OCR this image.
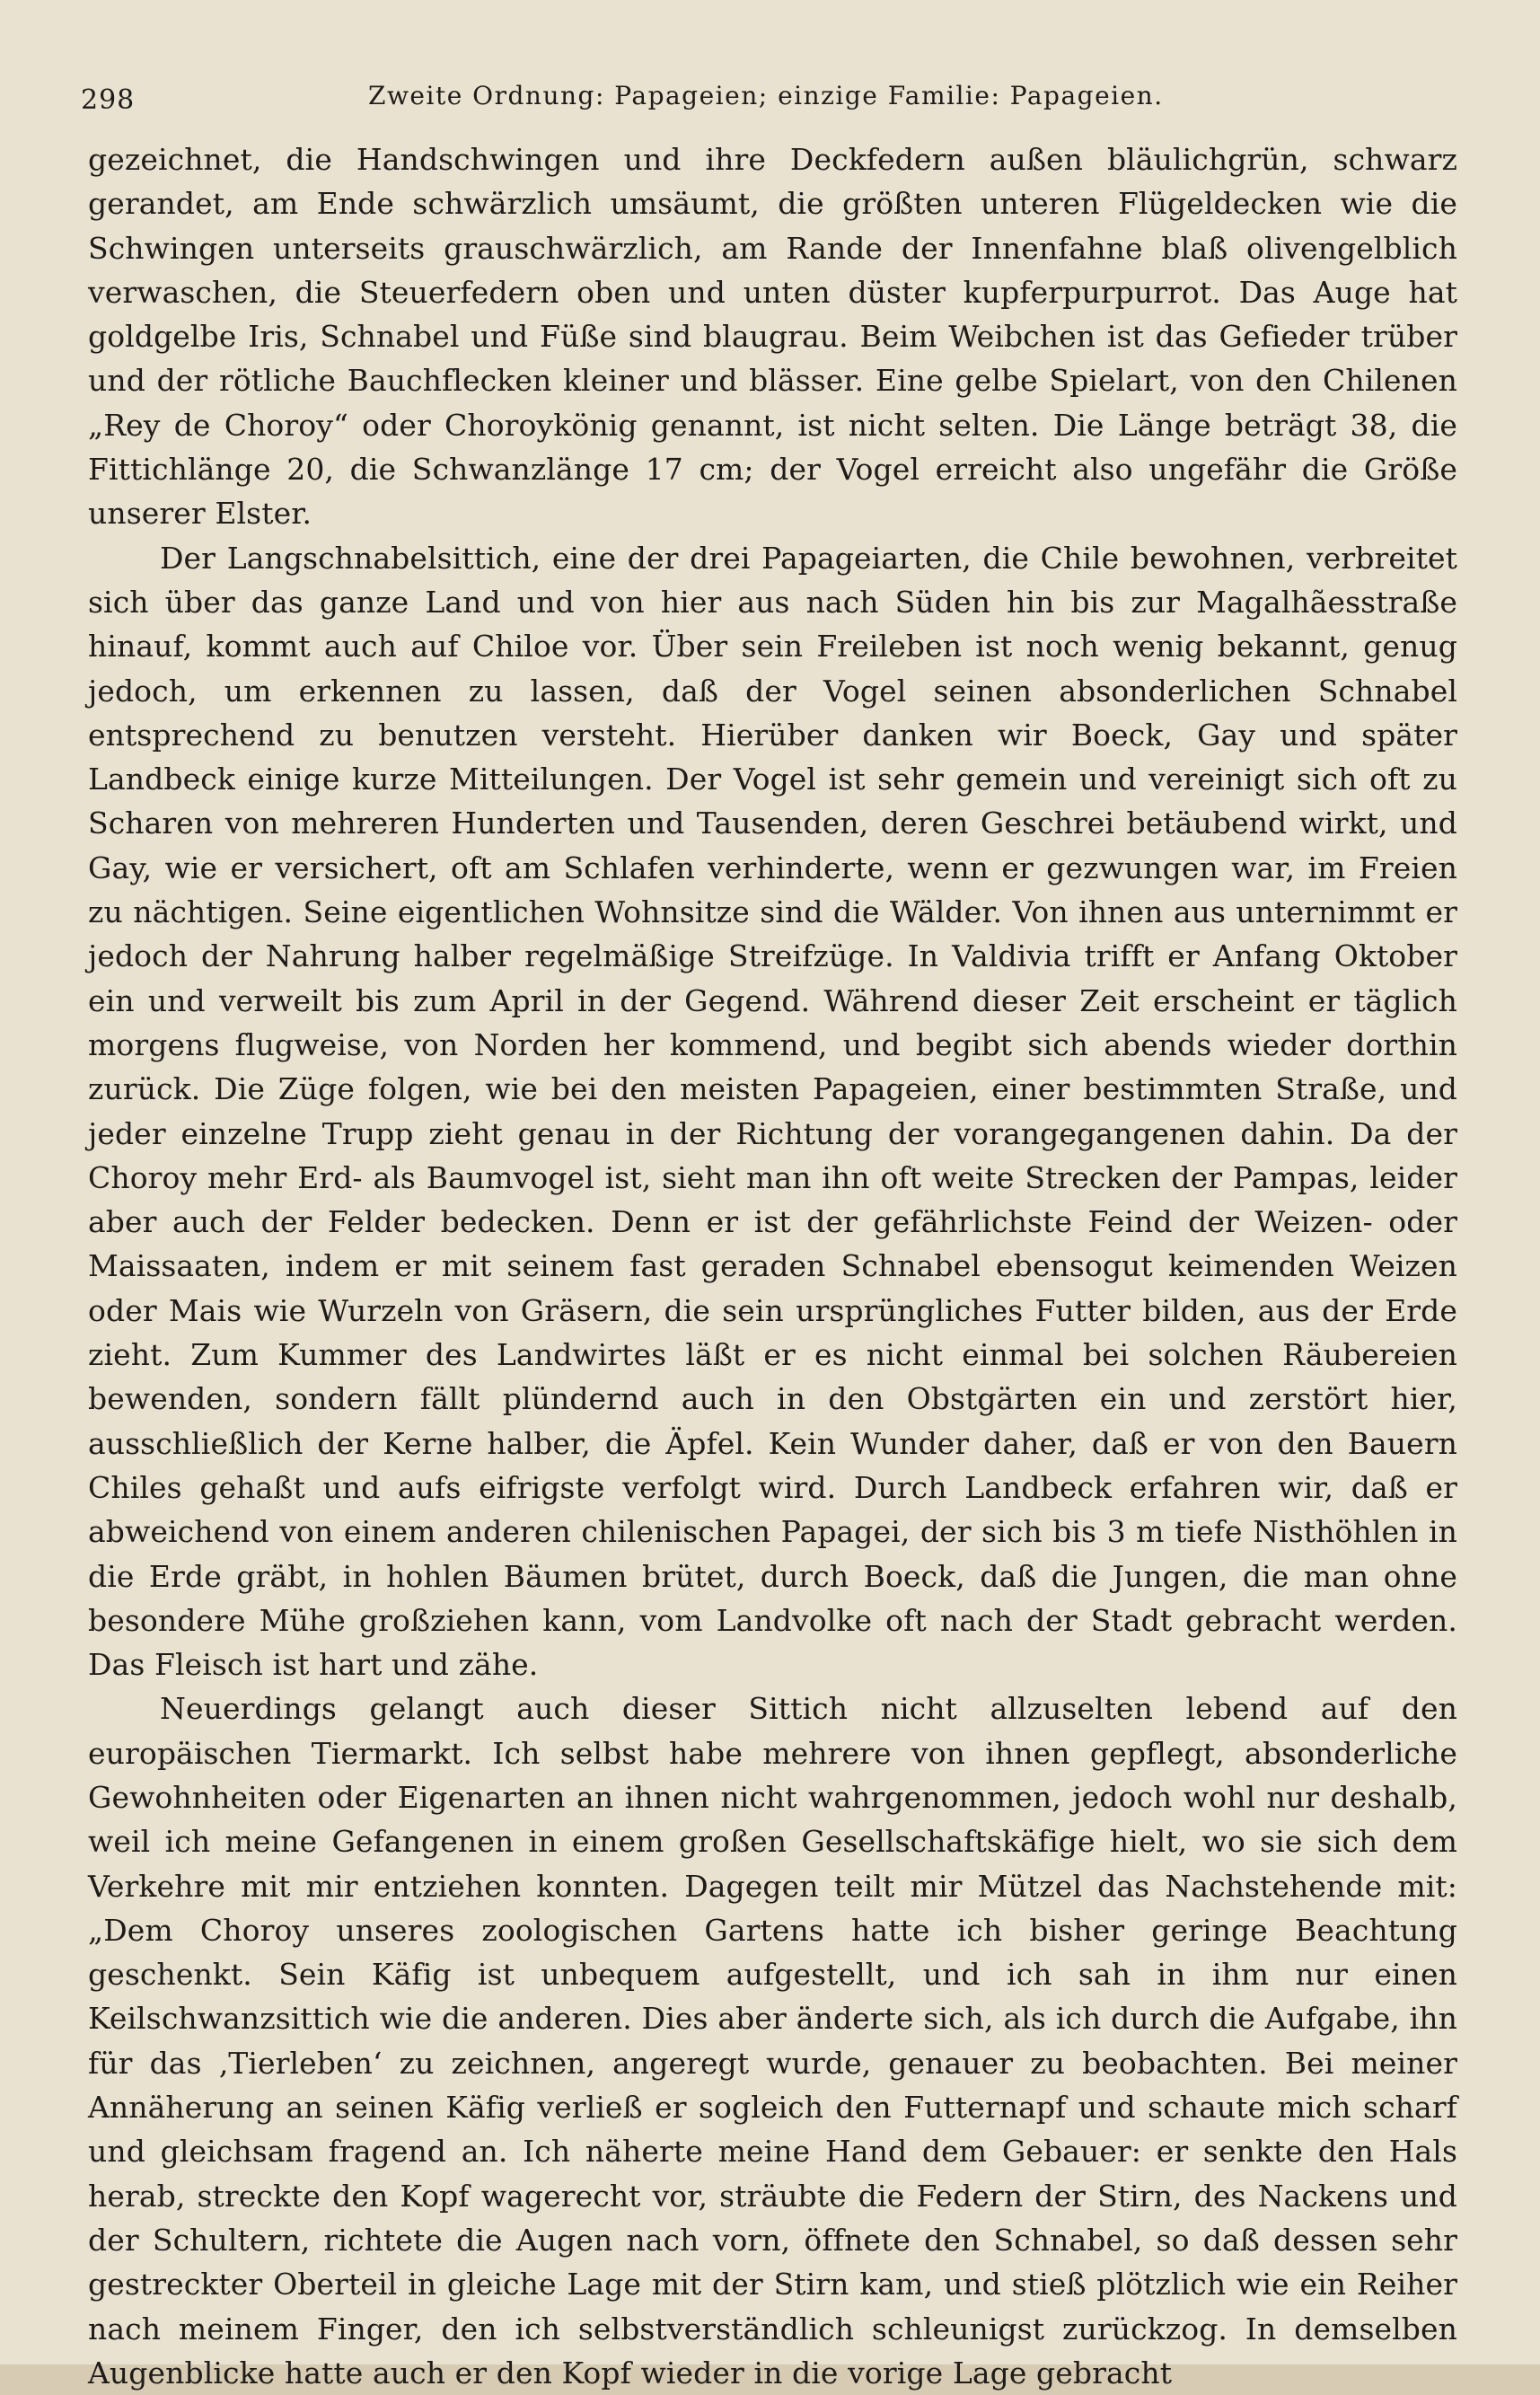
298	Zweite Ordnung: Papageien; einzige Familie: Papageien.

gezeichnet, die Handschwingen und ihre Deckfedern außen bläulichgrün, schwarz gerandet, am Ende schwärzlich umsäumt, die größten unteren Flügeldecken wie die Schwingen unterseits grauschwärzlich, am Rande der Innenfahne blaß olivengelblich verwaschen, die Steuerfedern oben und unten düster kupferpurpurrot. Das Auge hat goldgelbe Iris, Schnabel und Füße sind blaugrau. Beim Weibchen ist das Gefieder trüber und der rötliche Bauchflecken kleiner und blässer. Eine gelbe Spielart, von den Chilenen „Rey de Choroy“ oder Choroykönig genannt, ist nicht selten. Die Länge beträgt 38, die Fittichlänge 20, die Schwanzlänge 17 cm; der Vogel erreicht also ungefähr die Größe unserer Elster.

Der Langschnabelsittich, eine der drei Papageiarten, die Chile bewohnen, verbreitet sich über das ganze Land und von hier aus nach Süden hin bis zur Magalhãesstraße hinauf, kommt auch auf Chiloe vor. Über sein Freileben ist noch wenig bekannt, genug jedoch, um erkennen zu lassen, daß der Vogel seinen absonderlichen Schnabel entsprechend zu benutzen versteht. Hierüber danken wir Boeck, Gay und später Landbeck einige kurze Mitteilungen. Der Vogel ist sehr gemein und vereinigt sich oft zu Scharen von mehreren Hunderten und Tausenden, deren Geschrei betäubend wirkt, und Gay, wie er versichert, oft am Schlafen verhinderte, wenn er gezwungen war, im Freien zu nächtigen. Seine eigentlichen Wohnsitze sind die Wälder. Von ihnen aus unternimmt er jedoch der Nahrung halber regelmäßige Streifzüge. In Valdivia trifft er Anfang Oktober ein und verweilt bis zum April in der Gegend. Während dieser Zeit erscheint er täglich morgens flugweise, von Norden her kommend, und begibt sich abends wieder dorthin zurück. Die Züge folgen, wie bei den meisten Papageien, einer bestimmten Straße, und jeder einzelne Trupp zieht genau in der Richtung der vorangegangenen dahin. Da der Choroy mehr Erd- als Baumvogel ist, sieht man ihn oft weite Strecken der Pampas, leider aber auch der Felder bedecken. Denn er ist der gefährlichste Feind der Weizen- oder Maissaaten, indem er mit seinem fast geraden Schnabel ebensogut keimenden Weizen oder Mais wie Wurzeln von Gräsern, die sein ursprüngliches Futter bilden, aus der Erde zieht. Zum Kummer des Landwirtes läßt er es nicht einmal bei solchen Räubereien bewenden, sondern fällt plündernd auch in den Obstgärten ein und zerstört hier, ausschließlich der Kerne halber, die Äpfel. Kein Wunder daher, daß er von den Bauern Chiles gehaßt und aufs eifrigste verfolgt wird. Durch Landbeck erfahren wir, daß er abweichend von einem anderen chilenischen Papagei, der sich bis 3 m tiefe Nisthöhlen in die Erde gräbt, in hohlen Bäumen brütet, durch Boeck, daß die Jungen, die man ohne besondere Mühe großziehen kann, vom Landvolke oft nach der Stadt gebracht werden. Das Fleisch ist hart und zähe.

Neuerdings gelangt auch dieser Sittich nicht allzuselten lebend auf den europäischen Tiermarkt. Ich selbst habe mehrere von ihnen gepflegt, absonderliche Gewohnheiten oder Eigenarten an ihnen nicht wahrgenommen, jedoch wohl nur deshalb, weil ich meine Gefangenen in einem großen Gesellschaftskäfige hielt, wo sie sich dem Verkehre mit mir entziehen konnten. Dagegen teilt mir Mützel das Nachstehende mit: „Dem Choroy unseres zoologischen Gartens hatte ich bisher geringe Beachtung geschenkt. Sein Käfig ist unbequem aufgestellt, und ich sah in ihm nur einen Keilschwanzsittich wie die anderen. Dies aber änderte sich, als ich durch die Aufgabe, ihn für das ‚Tierleben‘ zu zeichnen, angeregt wurde, genauer zu beobachten. Bei meiner Annäherung an seinen Käfig verließ er sogleich den Futternapf und schaute mich scharf und gleichsam fragend an. Ich näherte meine Hand dem Gebauer: er senkte den Hals herab, streckte den Kopf wagerecht vor, sträubte die Federn der Stirn, des Nackens und der Schultern, richtete die Augen nach vorn, öffnete den Schnabel, so daß dessen sehr gestreckter Oberteil in gleiche Lage mit der Stirn kam, und stieß plötzlich wie ein Reiher nach meinem Finger, den ich selbstverständlich schleunigst zurückzog. In demselben Augenblicke hatte auch er den Kopf wieder in die vorige Lage gebracht
